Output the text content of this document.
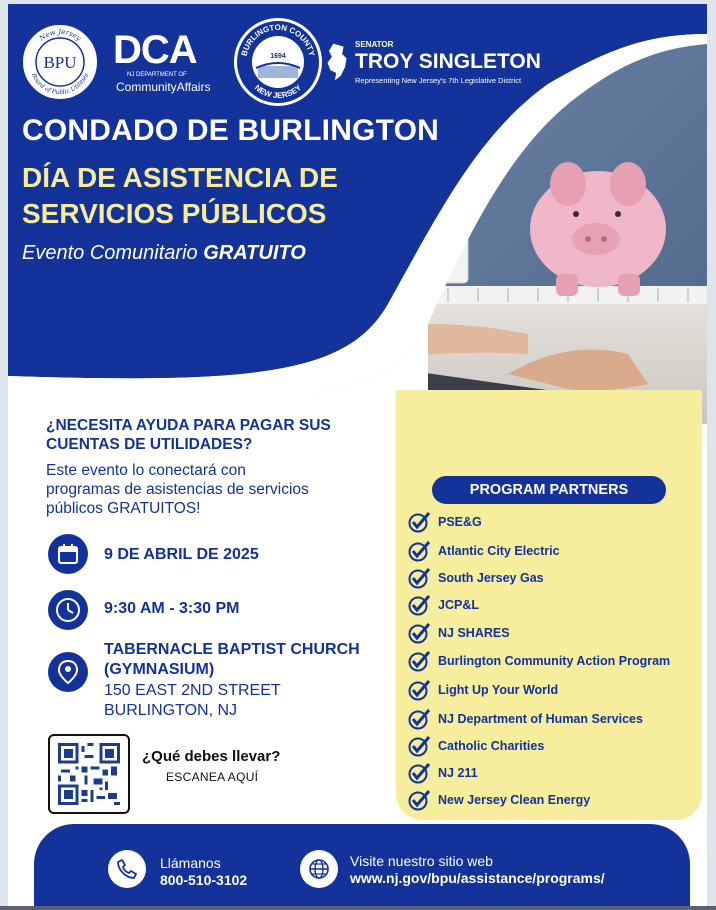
New Jersey
Board of Public Utilities
BPU DCA
NJ DEPARTMENT OF
CommunityAffairs
BURLINGTON COUNTY
NEW JERSEY
1694
SENATOR
TROY SINGLETON
Representing New Jersey's 7th Legislative District
CONDADO DE BURLINGTON
DÍA DE ASISTENCIA DE
SERVICIOS PÚBLICOS
Evento Comunitario GRATUITO
¿NECESITA AYUDA PARA PAGAR SUS CUENTAS DE UTILIDADES?
Este evento lo conectará con programas de asistencias de servicios públicos GRATUITOS!
9 DE ABRIL DE 2025
9:30 AM - 3:30 PM
TABERNACLE BAPTIST CHURCH
(GYMNASIUM)
150 EAST 2ND STREET
BURLINGTON, NJ
¿Qué debes llevar?
ESCANEA AQUÍ
PROGRAM PARTNERS
PSE&G
Atlantic City Electric
South Jersey Gas
JCP&L
NJ SHARES
Burlington Community Action Program
Light Up Your World
NJ Department of Human Services
Catholic Charities
NJ 211
New Jersey Clean Energy
Llámanos
800-510-3102
Visite nuestro sitio web
www.nj.gov/bpu/assistance/programs/
